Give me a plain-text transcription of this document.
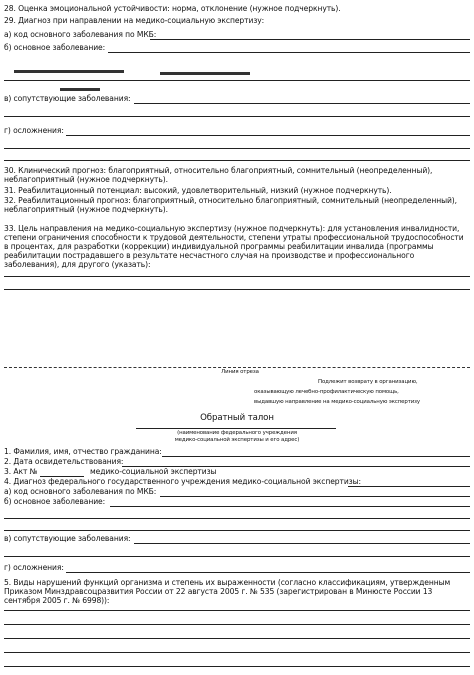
28. Оценка эмоциональной устойчивости: норма, отклонение (нужное подчеркнуть).
29. Диагноз при направлении на медико-социальную экспертизу:
а) код основного заболевания по МКБ:
б) основное заболевание:
в) сопутствующие заболевания:
г) осложнения:
30. Клинический прогноз: благоприятный, относительно благоприятный, сомнительный (неопределенный), неблагоприятный (нужное подчеркнуть).
31. Реабилитационный потенциал: высокий, удовлетворительный, низкий (нужное подчеркнуть).
32. Реабилитационный прогноз: благоприятный, относительно благоприятный, сомнительный (неопределенный), неблагоприятный (нужное подчеркнуть).
33. Цель направления на медико-социальную экспертизу (нужное подчеркнуть): для установления инвалидности, степени ограничения способности к трудовой деятельности, степени утраты профессиональной трудоспособности в процентах, для разработки (коррекции) индивидуальной программы реабилитации инвалида (программы реабилитации пострадавшего в результате несчастного случая на производстве и профессионального заболевания), для другого (указать):
Линия отреза
Подлежит возврату в организацию,
оказывающую лечебно-профилактическую помощь,
выдавшую направление на медико-социальную экспертизу
Обратный талон
(наименование федерального учреждения
медико-социальной экспертизы и его адрес)
1. Фамилия, имя, отчество гражданина:
2. Дата освидетельствования:
3. Акт №	медико-социальной экспертизы
4. Диагноз федерального государственного учреждения медико-социальной экспертизы:
а) код основного заболевания по МКБ:
б) основное заболевание:
в) сопутствующие заболевания:
г) осложнения:
5. Виды нарушений функций организма и степень их выраженности (согласно классификациям, утвержденным Приказом Минздравсоцразвития России от 22 августа 2005 г. № 535 (зарегистрирован в Минюсте России 13 сентября 2005 г. № 6998)):
